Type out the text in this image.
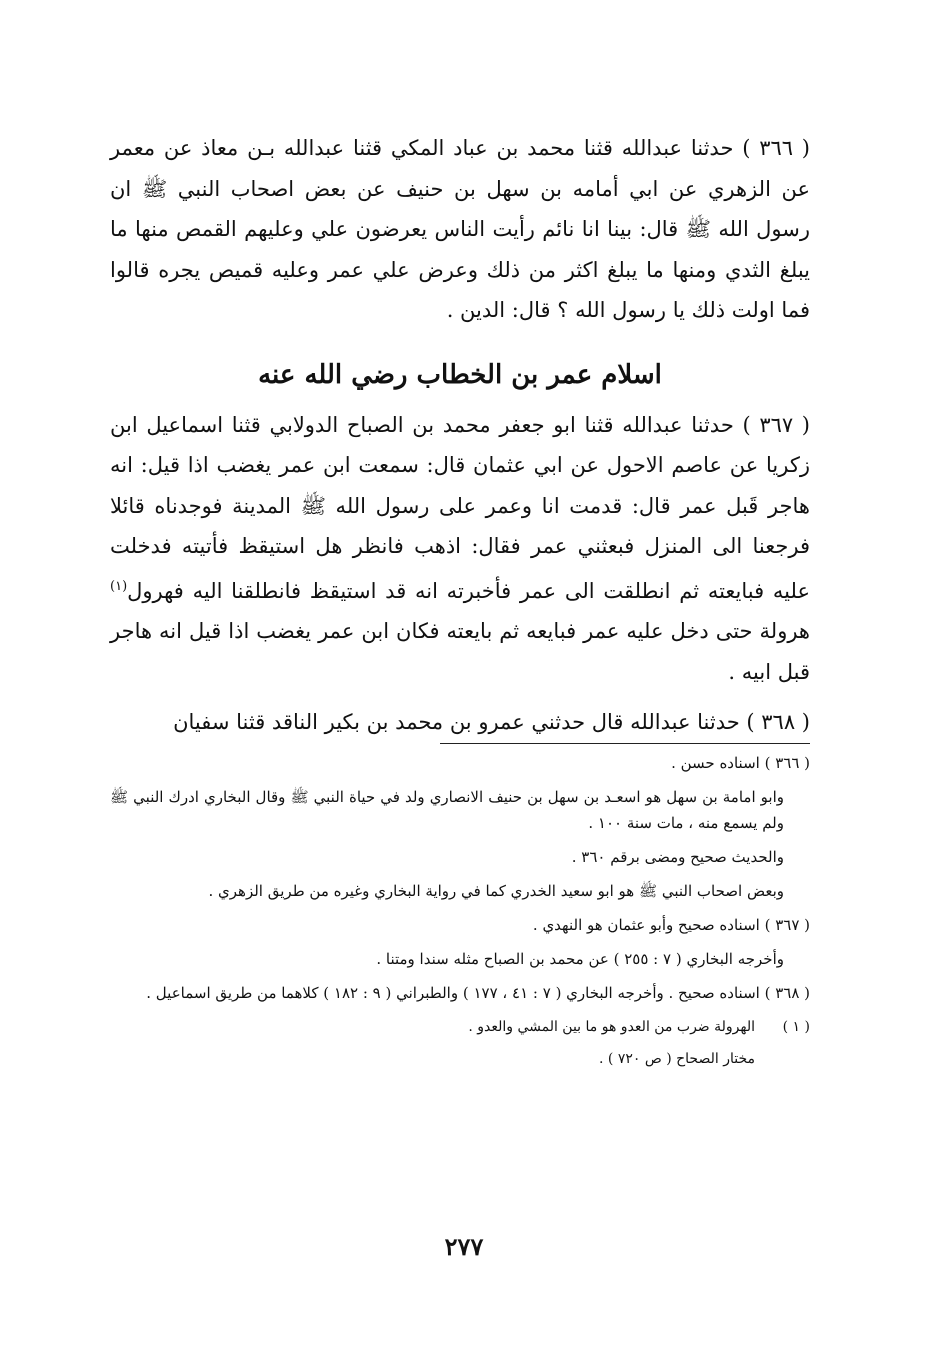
( ٣٦٦ ) حدثنا عبدالله قثنا محمد بن عباد المكي قثنا عبدالله بـن معاذ عن معمر عن الزهري عن ابي أمامه بن سهل بن حنيف عن بعض اصحاب النبي ﷺ ان رسول الله ﷺ قال: بينا انا نائم رأيت الناس يعرضون علي وعليهم القمص منها ما يبلغ الثدي ومنها ما يبلغ اكثر من ذلك وعرض علي عمر وعليه قميص يجره قالوا فما اولت ذلك يا رسول الله ؟ قال: الدين .

اسلام عمر بن الخطاب رضي الله عنه

( ٣٦٧ ) حدثنا عبدالله قثنا ابو جعفر محمد بن الصباح الدولابي قثنا اسماعيل ابن زكريا عن عاصم الاحول عن ابي عثمان قال: سمعت ابن عمر يغضب اذا قيل: انه هاجر قَبل عمر قال: قدمت انا وعمر على رسول الله ﷺ المدينة فوجدناه قائلا فرجعنا الى المنزل فبعثني عمر فقال: اذهب فانظر هل استيقظ فأتيته فدخلت عليه فبايعته ثم انطلقت الى عمر فأخبرته انه قد استيقظ فانطلقنا اليه فهرول$^{(١)}$ هرولة حتى دخل عليه عمر فبايعه ثم بايعته فكان ابن عمر يغضب اذا قيل انه هاجر قبل ابيه .

( ٣٦٨ ) حدثنا عبدالله قال حدثني عمرو بن محمد بن بكير الناقد قثنا سفيان

( ٣٦٦ ) اسناده حسن .

وابو امامة بن سهل هو اسعـد بن سهل بن حنيف الانصاري ولد في حياة النبي ﷺ وقال البخاري ادرك النبي ﷺ ولم يسمع منه ، مات سنة ١٠٠ .

والحديث صحيح ومضى برقم ٣٦٠ .

وبعض اصحاب النبي ﷺ هو ابو سعيد الخدري كما في رواية البخاري وغيره من طريق الزهري .

( ٣٦٧ ) اسناده صحيح وأبو عثمان هو النهدي .

وأخرجه البخاري ( ٧ : ٢٥٥ ) عن محمد بن الصباح مثله سندا ومتنا .

( ٣٦٨ ) اسناده صحيح . وأخرجه البخاري ( ٧ : ٤١ ، ١٧٧ ) والطبراني ( ٩ : ١٨٢ ) كلاهما من طريق اسماعيل .

( ١ )
الهرولة ضرب من العدو هو ما بين المشي والعدو .
مختار الصحاح ( ص ٧٢٠ ) .
٢٧٧
